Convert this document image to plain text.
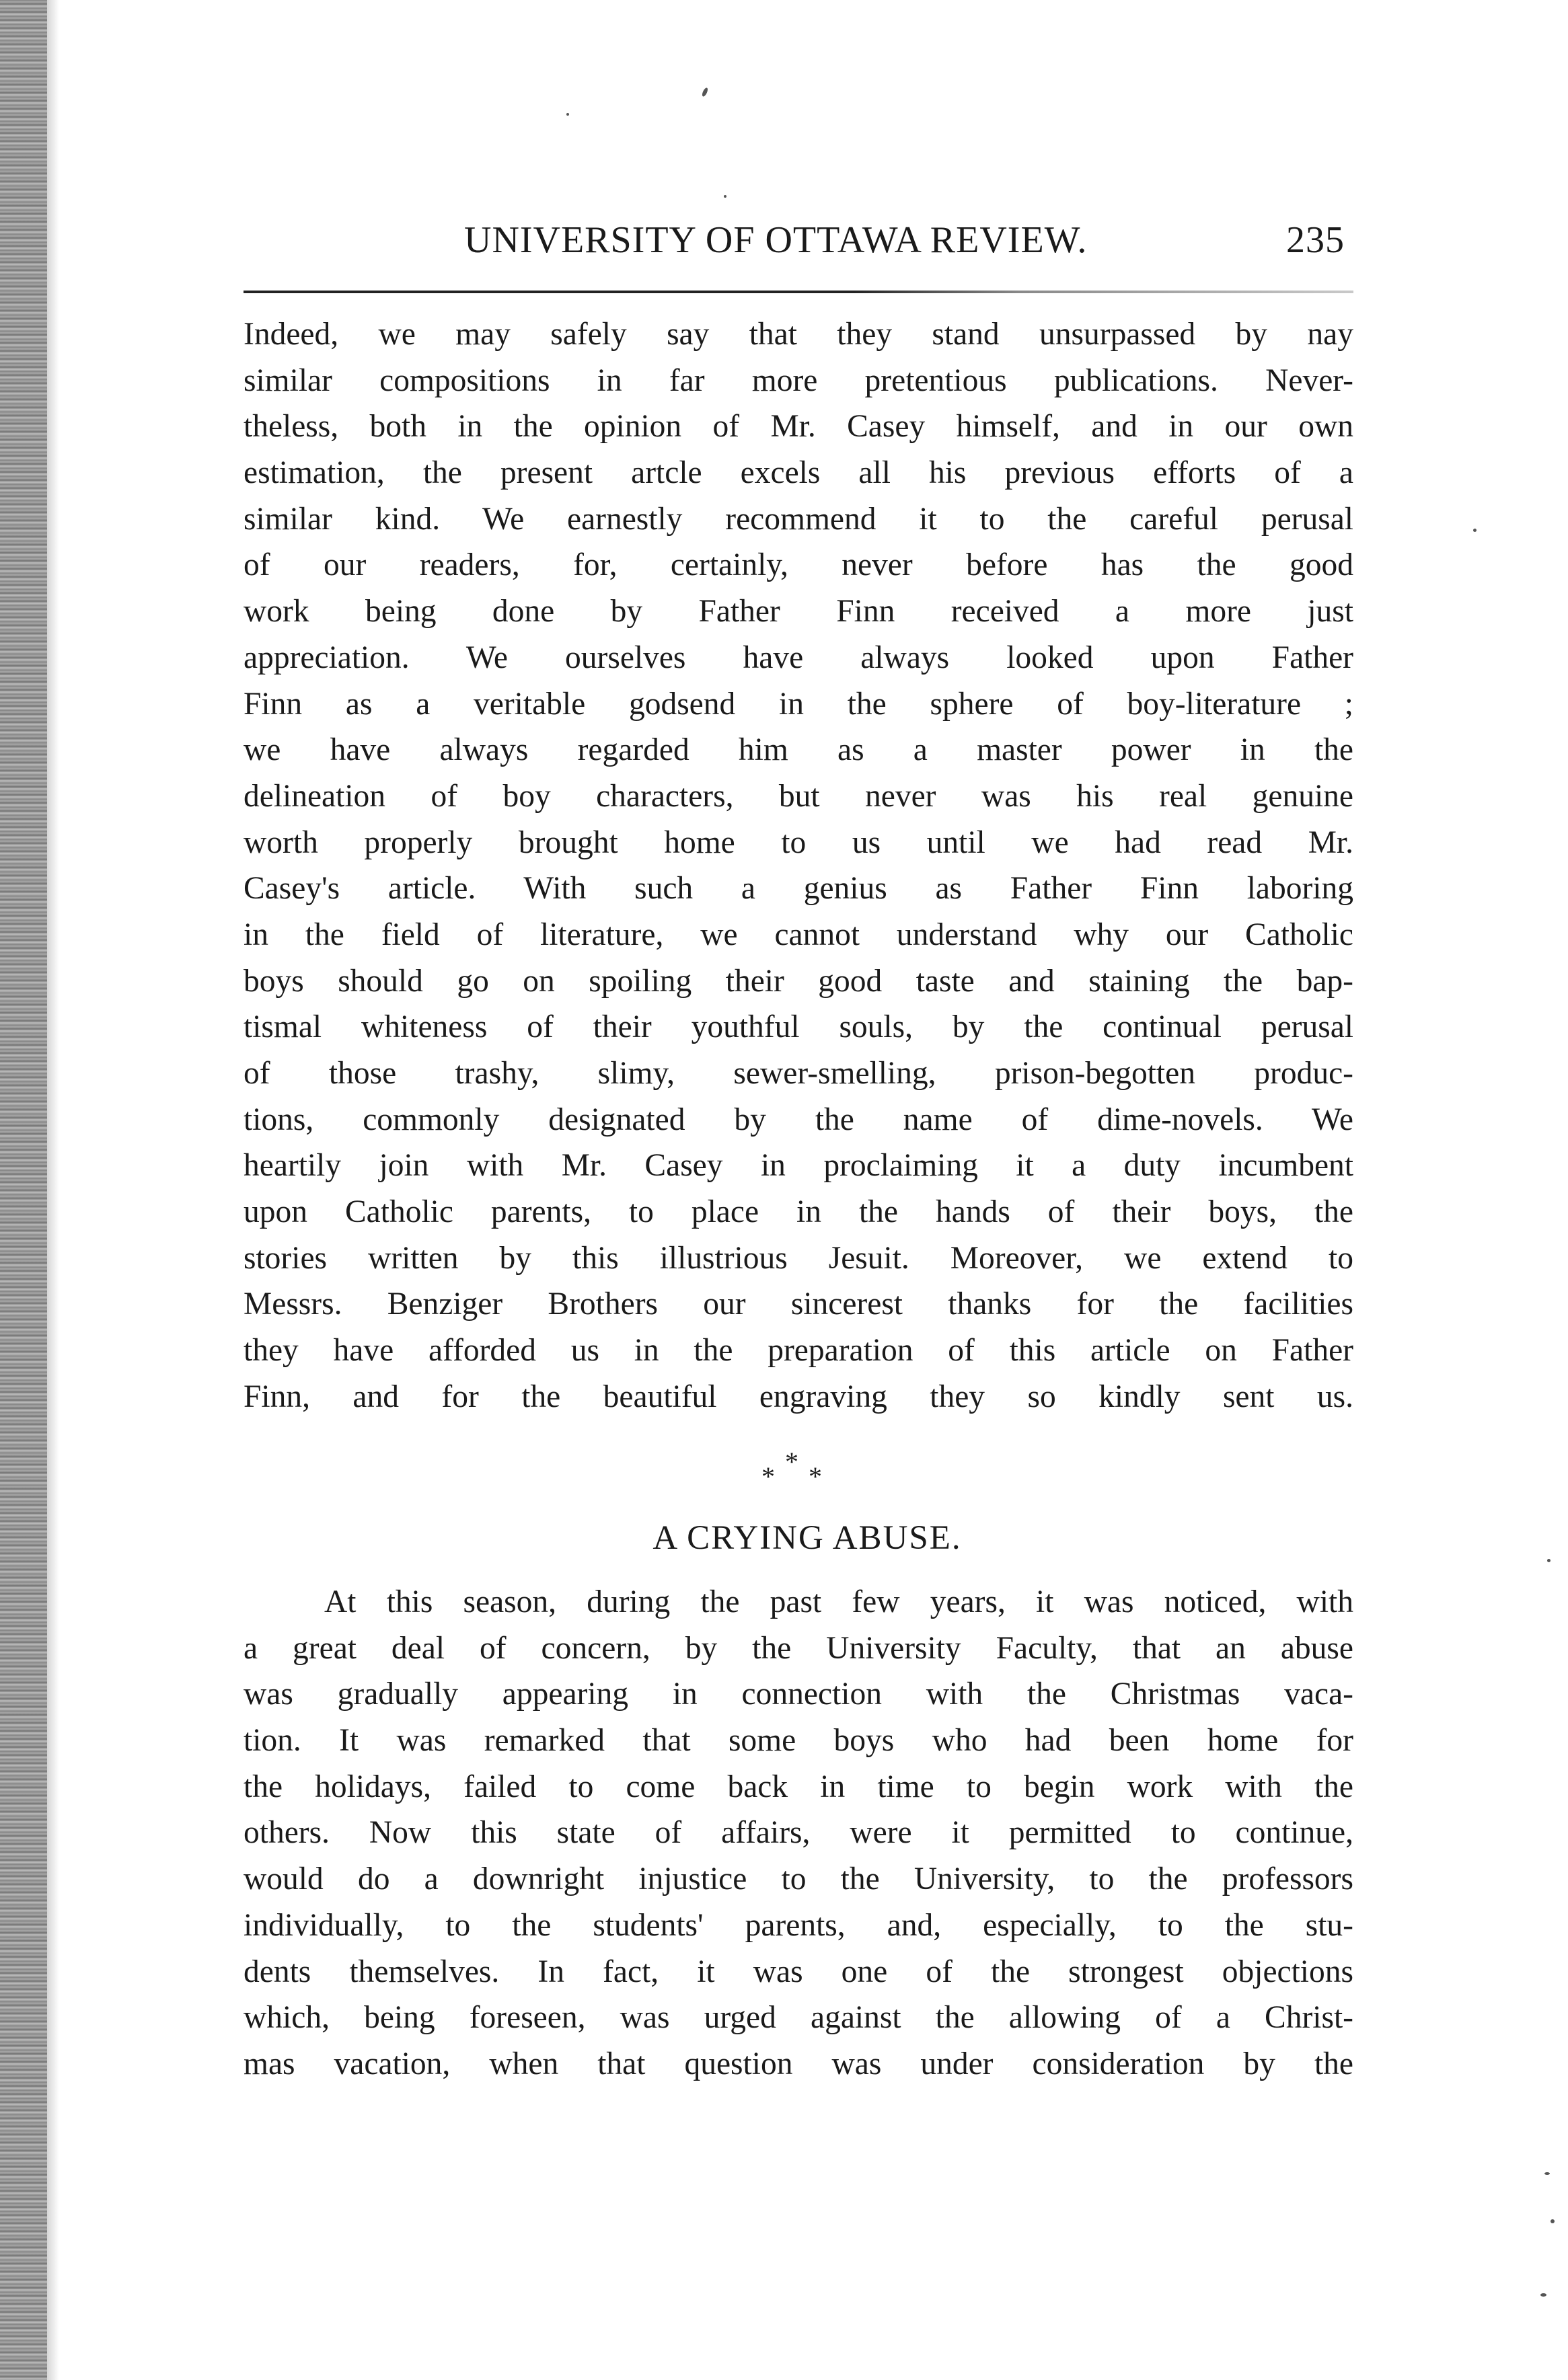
UNIVERSITY OF OTTAWA REVIEW.	235
Indeed, we may safely say that they stand unsurpassed by nay
similar compositions in far more pretentious publications. Never-
theless, both in the opinion of Mr. Casey himself, and in our own
estimation, the present artcle excels all his previous efforts of a
similar kind. We earnestly recommend it to the careful perusal
of our readers, for, certainly, never before has the good
work being done by Father Finn received a more just
appreciation. We ourselves have always looked upon Father
Finn as a veritable godsend in the sphere of boy-literature ;
we have always regarded him as a master power in the
delineation of boy characters, but never was his real genuine
worth properly brought home to us until we had read Mr.
Casey's article. With such a genius as Father Finn laboring
in the field of literature, we cannot understand why our Catholic
boys should go on spoiling their good taste and staining the bap-
tismal whiteness of their youthful souls, by the continual perusal
of those trashy, slimy, sewer-smelling, prison-begotten produc-
tions, commonly designated by the name of dime-novels. We
heartily join with Mr. Casey in proclaiming it a duty incumbent
upon Catholic parents, to place in the hands of their boys, the
stories written by this illustrious Jesuit. Moreover, we extend to
Messrs. Benziger Brothers our sincerest thanks for the facilities
they have afforded us in the preparation of this article on Father
Finn, and for the beautiful engraving they so kindly sent us.
*
* *
A CRYING ABUSE.
At this season, during the past few years, it was noticed, with
a great deal of concern, by the University Faculty, that an abuse
was gradually appearing in connection with the Christmas vaca-
tion. It was remarked that some boys who had been home for
the holidays, failed to come back in time to begin work with the
others. Now this state of affairs, were it permitted to continue,
would do a downright injustice to the University, to the professors
individually, to the students' parents, and, especially, to the stu-
dents themselves. In fact, it was one of the strongest objections
which, being foreseen, was urged against the allowing of a Christ-
mas vacation, when that question was under consideration by the
